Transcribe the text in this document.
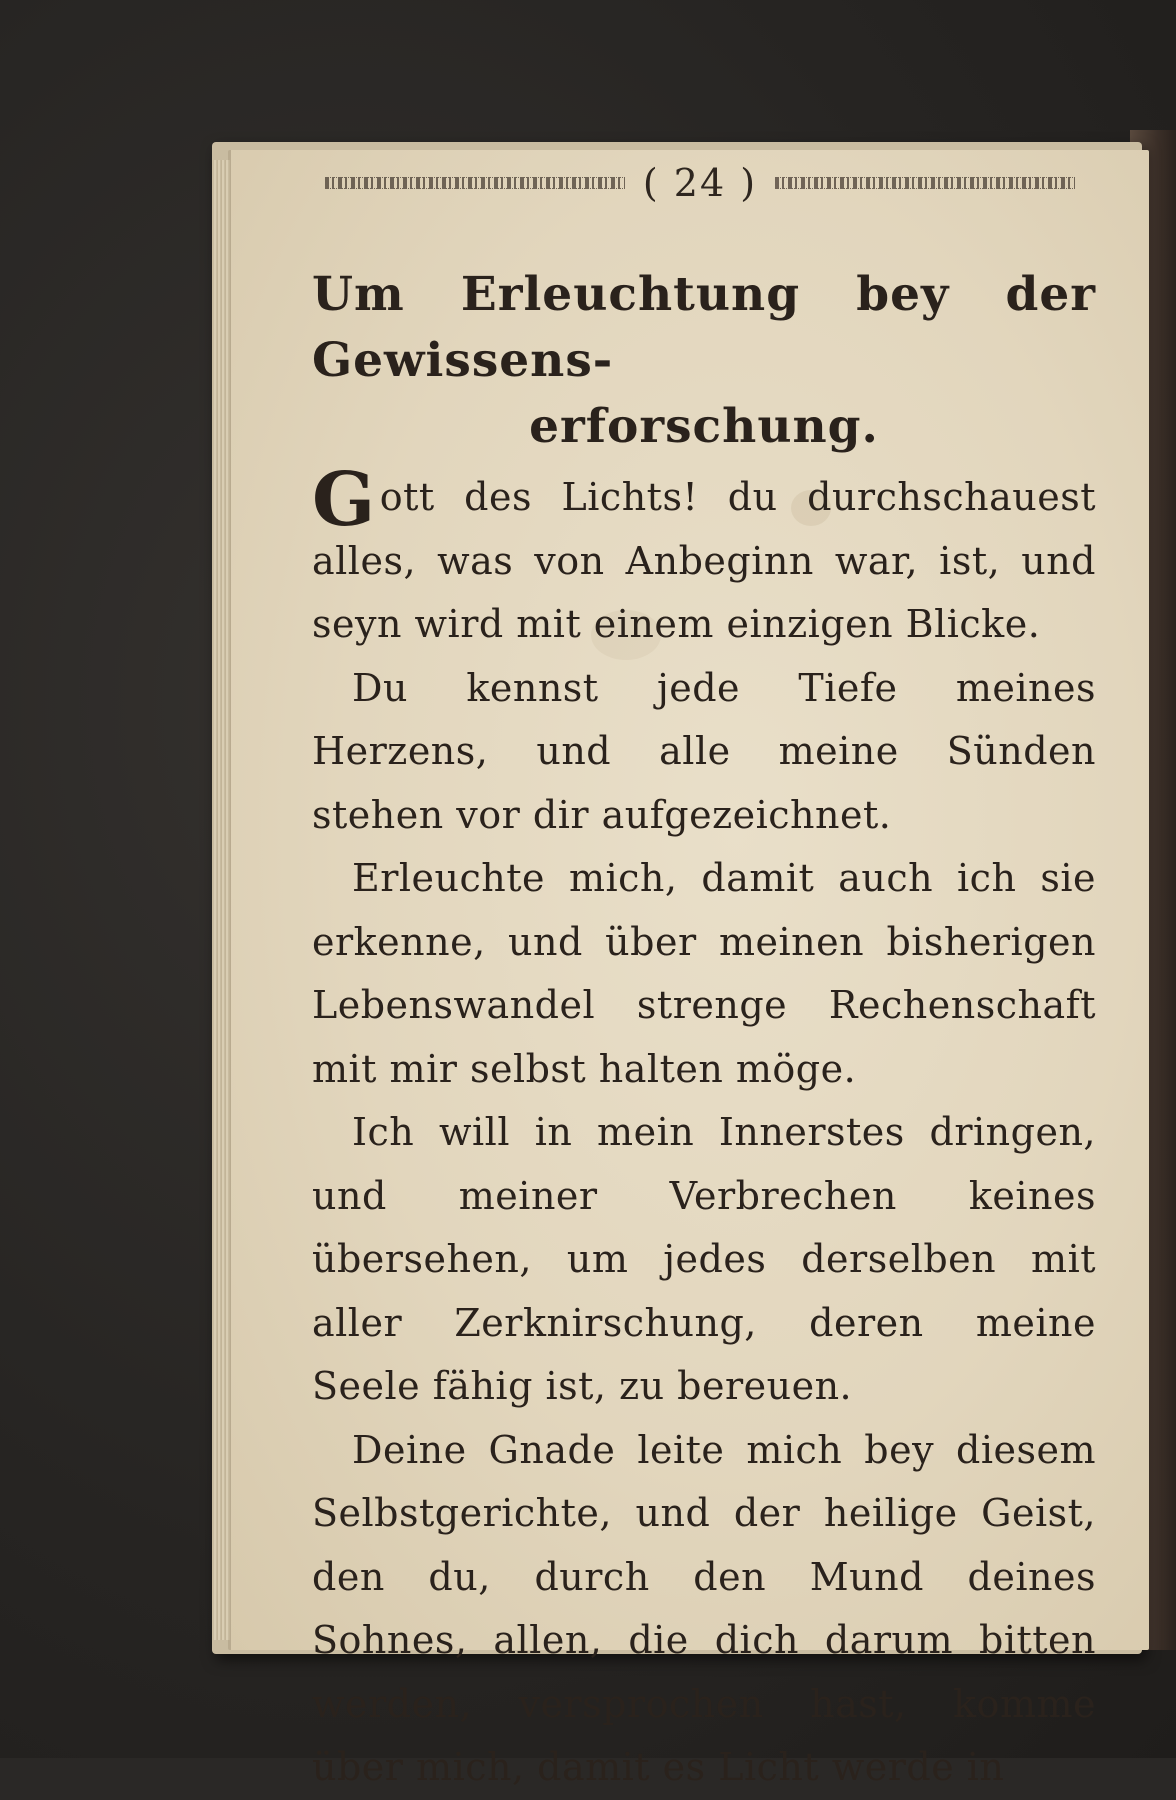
( 24 )
Um Erleuchtung bey der Gewissens-
erforschung.

Gott des Lichts! du durchschauest alles, was von Anbeginn war, ist, und seyn wird mit einem einzigen Blicke.

Du kennst jede Tiefe meines Herzens, und alle meine Sünden stehen vor dir aufgezeichnet.

Erleuchte mich, damit auch ich sie erkenne, und über meinen bisherigen Lebenswandel strenge Rechenschaft mit mir selbst halten möge.

Ich will in mein Innerstes dringen, und meiner Verbrechen keines übersehen, um jedes derselben mit aller Zerknirschung, deren meine Seele fähig ist, zu bereuen.

Deine Gnade leite mich bey diesem Selbstgerichte, und der heilige Geist, den du, durch den Mund deines Sohnes, allen, die dich darum bitten werden, versprochen hast, komme über mich, damit es Licht werde in
